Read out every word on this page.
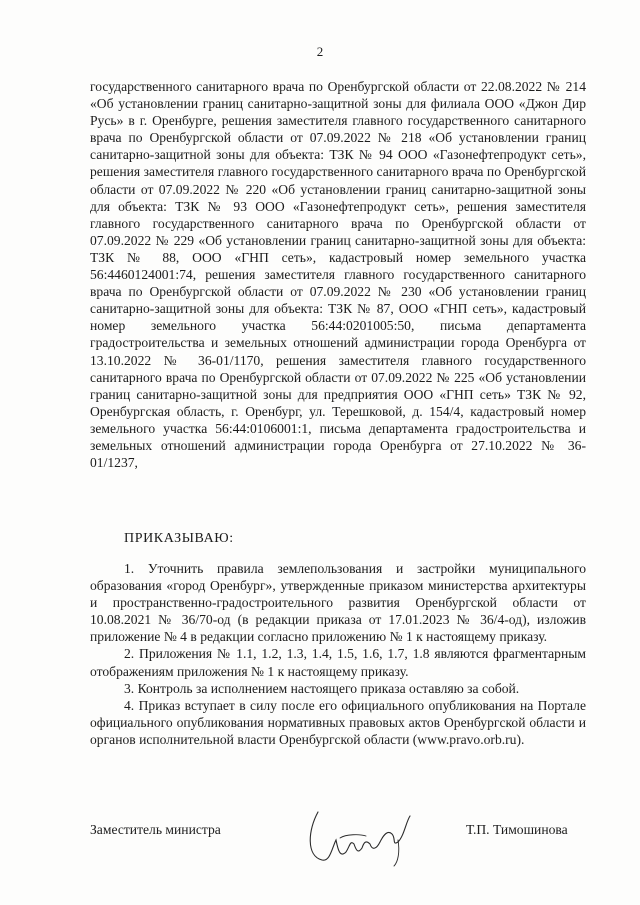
2
государственного санитарного врача по Оренбургской области от 22.08.2022 № 214 «Об установлении границ санитарно-защитной зоны для филиала ООО «Джон Дир Русь» в г. Оренбурге, решения заместителя главного государственного санитарного врача по Оренбургской области от 07.09.2022 № 218 «Об установлении границ санитарно-защитной зоны для объекта: ТЗК № 94 ООО «Газонефтепродукт сеть», решения заместителя главного государственного санитарного врача по Оренбургской области от 07.09.2022 № 220 «Об установлении границ санитарно-защитной зоны для объекта: ТЗК № 93 ООО «Газонефтепродукт сеть», решения заместителя главного государственного санитарного врача по Оренбургской области от 07.09.2022 № 229 «Об установлении границ санитарно-защитной зоны для объекта: ТЗК № 88, ООО «ГНП сеть», кадастровый номер земельного участка 56:4460124001:74, решения заместителя главного государственного санитарного врача по Оренбургской области от 07.09.2022 № 230 «Об установлении границ санитарно-защитной зоны для объекта: ТЗК № 87, ООО «ГНП сеть», кадастровый номер земельного участка 56:44:0201005:50, письма департамента градостроительства и земельных отношений администрации города Оренбурга от 13.10.2022 № 36-01/1170, решения заместителя главного государственного санитарного врача по Оренбургской области от 07.09.2022 № 225 «Об установлении границ санитарно-защитной зоны для предприятия ООО «ГНП сеть» ТЗК № 92, Оренбургская область, г. Оренбург, ул. Терешковой, д. 154/4, кадастровый номер земельного участка 56:44:0106001:1, письма департамента градостроительства и земельных отношений администрации города Оренбурга от 27.10.2022 № 36-01/1237,
ПРИКАЗЫВАЮ:

1. Уточнить правила землепользования и застройки муниципального образования «город Оренбург», утвержденные приказом министерства архитектуры и пространственно-градостроительного развития Оренбургской области от 10.08.2021 № 36/70-од (в редакции приказа от 17.01.2023 № 36/4-од), изложив приложение № 4 в редакции согласно приложению № 1 к настоящему приказу.

2. Приложения № 1.1, 1.2, 1.3, 1.4, 1.5, 1.6, 1.7, 1.8 являются фрагментарным отображениям приложения № 1 к настоящему приказу.

3. Контроль за исполнением настоящего приказа оставляю за собой.

4. Приказ вступает в силу после его официального опубликования на Портале официального опубликования нормативных правовых актов Оренбургской области и органов исполнительной власти Оренбургской области (www.pravo.orb.ru).

Заместитель министра	Т.П. Тимошинова
